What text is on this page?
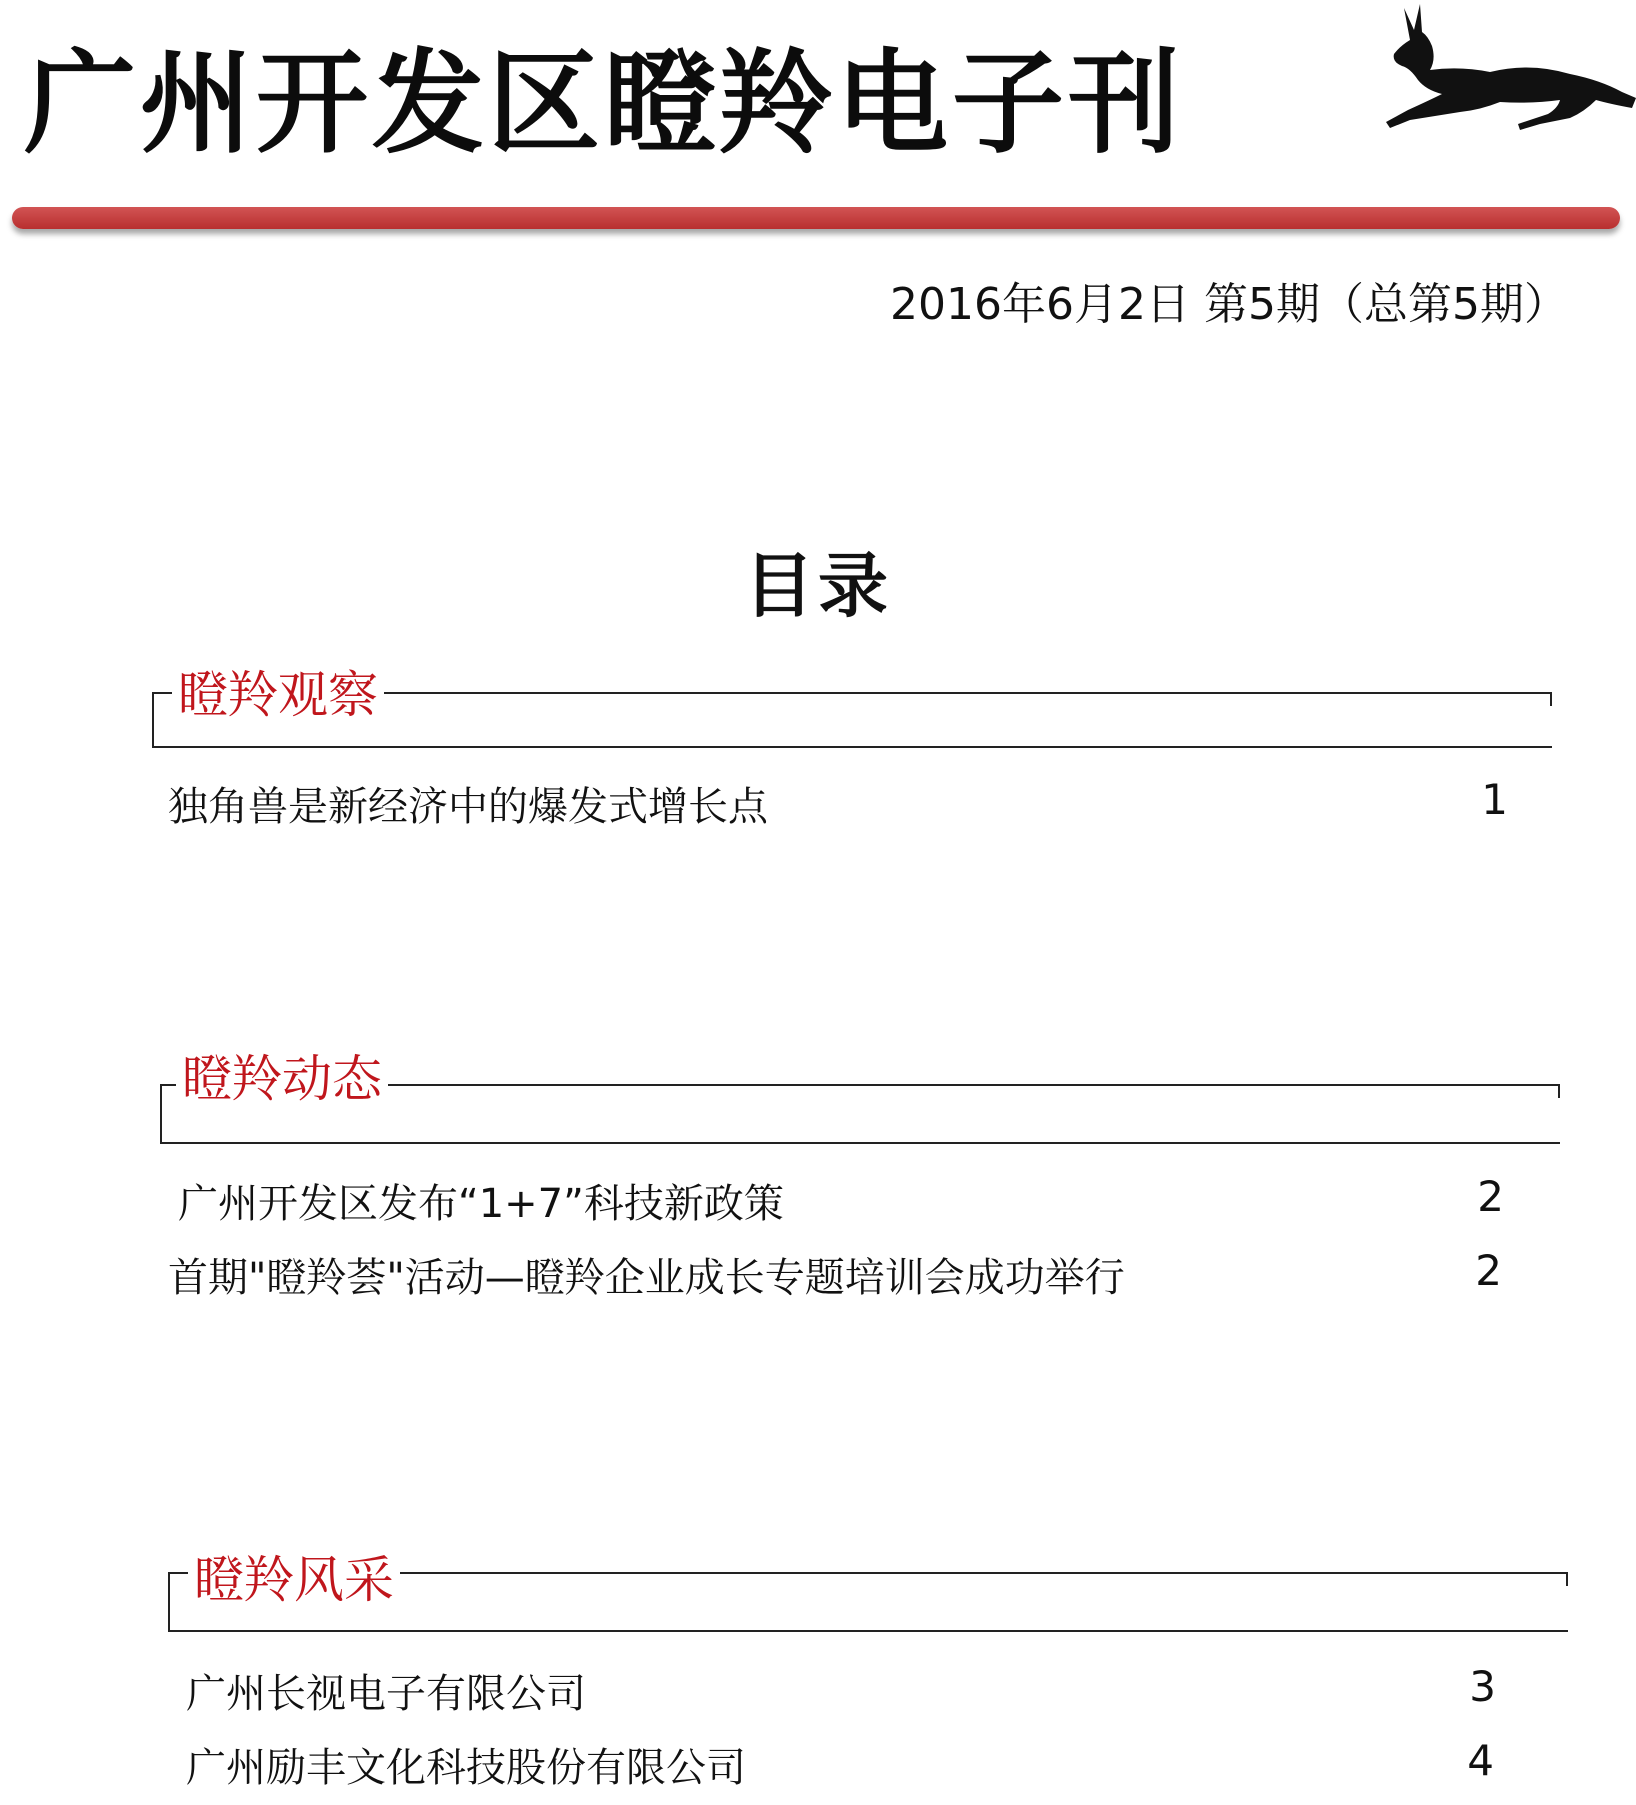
广州开发区瞪羚电子刊
2016年6月2日 第5期（总第5期）
目录
瞪羚观察
独角兽是新经济中的爆发式增长点	1
瞪羚动态
广州开发区发布“1+7”科技新政策	2
首期"瞪羚荟"活动—瞪羚企业成长专题培训会成功举行	2
瞪羚风采
广州长视电子有限公司	3
广州励丰文化科技股份有限公司	4
